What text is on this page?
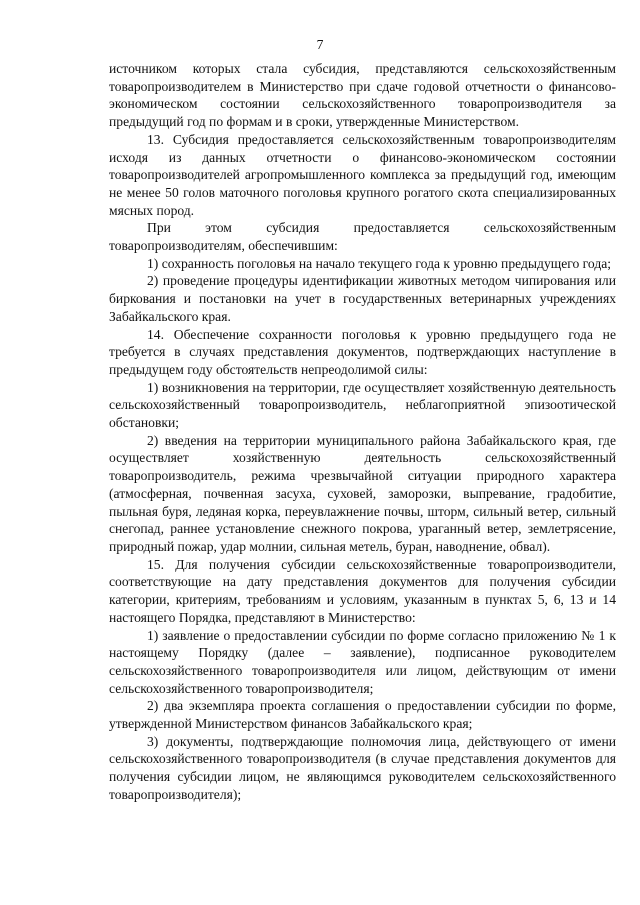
7

источником которых стала субсидия, представляются сельскохозяйственным товаропроизводителем в Министерство при сдаче годовой отчетности о финансово-экономическом состоянии сельскохозяйственного товаропроизводителя за предыдущий год по формам и в сроки, утвержденные Министерством.

13. Субсидия предоставляется сельскохозяйственным товаропроизводителям исходя из данных отчетности о финансово-экономическом состоянии товаропроизводителей агропромышленного комплекса за предыдущий год, имеющим не менее 50 голов маточного поголовья крупного рогатого скота специализированных мясных пород.

При этом субсидия предоставляется сельскохозяйственным товаропроизводителям, обеспечившим:

1) сохранность поголовья на начало текущего года к уровню предыдущего года;

2) проведение процедуры идентификации животных методом чипирования или биркования и постановки на учет в государственных ветеринарных учреждениях Забайкальского края.

14. Обеспечение сохранности поголовья к уровню предыдущего года не требуется в случаях представления документов, подтверждающих наступление в предыдущем году обстоятельств непреодолимой силы:

1) возникновения на территории, где осуществляет хозяйственную деятельность сельскохозяйственный товаропроизводитель, неблагоприятной эпизоотической обстановки;

2) введения на территории муниципального района Забайкальского края, где осуществляет хозяйственную деятельность сельскохозяйственный товаропроизводитель, режима чрезвычайной ситуации природного характера (атмосферная, почвенная засуха, суховей, заморозки, выпревание, градобитие, пыльная буря, ледяная корка, переувлажнение почвы, шторм, сильный ветер, сильный снегопад, раннее установление снежного покрова, ураганный ветер, землетрясение, природный пожар, удар молнии, сильная метель, буран, наводнение, обвал).

15. Для получения субсидии сельскохозяйственные товаропроизводители, соответствующие на дату представления документов для получения субсидии категории, критериям, требованиям и условиям, указанным в пунктах 5, 6, 13 и 14 настоящего Порядка, представляют в Министерство:

1) заявление о предоставлении субсидии по форме согласно приложению № 1 к настоящему Порядку (далее – заявление), подписанное руководителем сельскохозяйственного товаропроизводителя или лицом, действующим от имени сельскохозяйственного товаропроизводителя;

2) два экземпляра проекта соглашения о предоставлении субсидии по форме, утвержденной Министерством финансов Забайкальского края;

3) документы, подтверждающие полномочия лица, действующего от имени сельскохозяйственного товаропроизводителя (в случае представления документов для получения субсидии лицом, не являющимся руководителем сельскохозяйственного товаропроизводителя);
